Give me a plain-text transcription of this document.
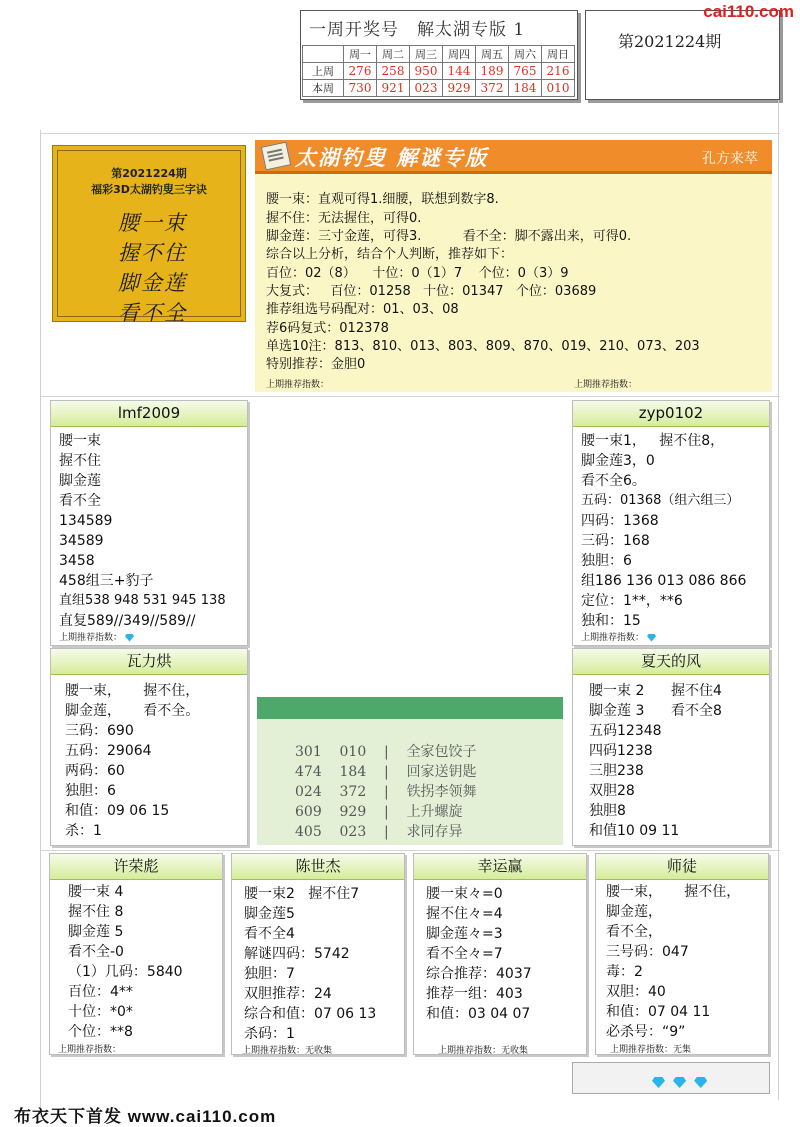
一周开奖号　解太湖专版 1
	周一	周二	周三	周四	周五	周六	周日
上周	276	258	950	144	189	765	216
本周	730	921	023	929	372	184	010
第2021224期
cai110.com
第2021224期
福彩3D太湖钓叟三字诀
腰一束
握不住
脚金莲
看不全
太湖钓叟 解谜专版	孔方来萃
腰一束：直观可得1.细腰，联想到数字8.
握不住：无法握住，可得0.
脚金莲：三寸金莲，可得3.          看不全：脚不露出来，可得0.
综合以上分析，结合个人判断，推荐如下：
百位：02（8）    十位：0（1）7    个位：0（3）9
大复式：   百位：01258   十位：01347   个位：03689
推荐组选号码配对：01、03、08
荐6码复式：012378
单选10注：813、810、013、803、809、870、019、210、073、203
特别推荐：金胆0
上期推荐指数：	上期推荐指数：
lmf2009
腰一束
握不住
脚金莲
看不全
134589
34589
3458
458组三+豹子
直组538 948 531 945 138
直复589//349//589//
上期推荐指数：
zyp0102
腰一束1，   握不住8，
脚金莲3，0
看不全6。
五码：01368（组六组三）
四码：1368
三码：168
独胆：6
组186 136 013 086 866
定位：1**，**6
独和：15
上期推荐指数：
瓦力烘
腰一束，     握不住，
脚金莲，     看不全。
三码：690
五码：29064
两码：60
独胆：6
和值：09 06 15
杀：1
夏天的风
腰一束 2      握不住4
脚金莲 3      看不全8
五码12348
四码1238
三胆238
双胆28
独胆8
和值10 09 11
301    010    |    全家包饺子
474    184    |    回家送钥匙
024    372    |    铁拐李领舞
609    929    |    上升螺旋
405    023    |    求同存异
许荣彪
腰一束 4
握不住 8
脚金莲 5
看不全-0
（1）几码：5840
百位：4**
十位：*0*
个位：**8
上期推荐指数：
陈世杰
腰一束2   握不住7
脚金莲5
看不全4
解谜四码：5742
独胆：7
双胆推荐：24
综合和值：07 06 13
杀码：1
上期推荐指数：无收集
幸运赢
腰一束々=0
握不住々=4
脚金莲々=3
看不全々=7
综合推荐：4037
推荐一组：403
和值：03 04 07
上期推荐指数：无收集
师徒
腰一束，     握不住，
脚金莲，
看不全，
三号码：047
毒：2
双胆：40
和值：07 04 11
必杀号：“9”
上期推荐指数：无集

布衣天下首发 www.cai110.com
